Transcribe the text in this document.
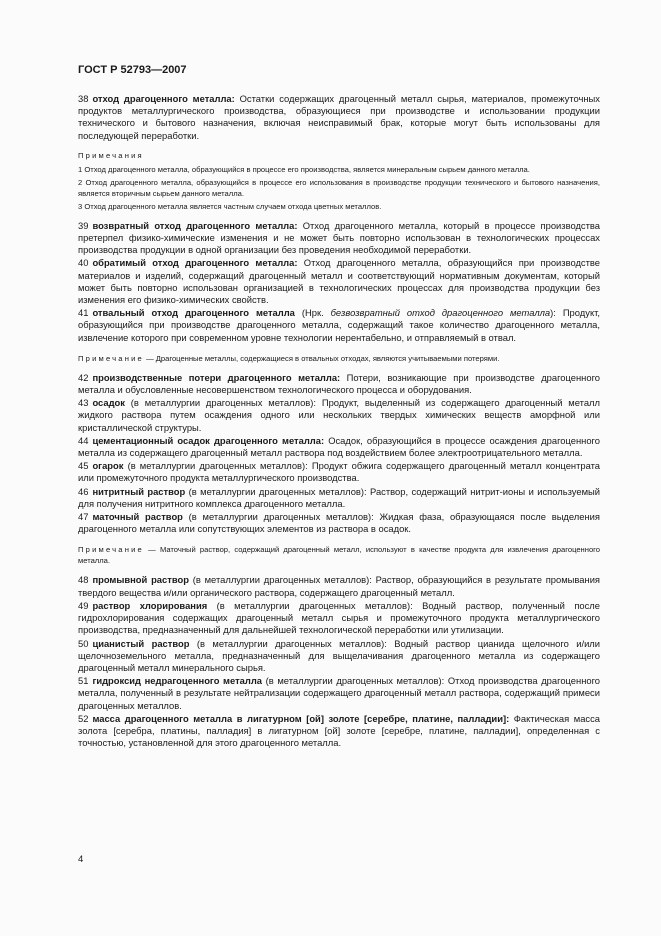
ГОСТ Р 52793—2007

38 отход драгоценного металла: Остатки содержащих драгоценный металл сырья, материалов, промежуточных продуктов металлургического производства, образующиеся при производстве и использовании продукции технического и бытового назначения, включая неисправимый брак, которые могут быть использованы для последующей переработки.

Примечания

1 Отход драгоценного металла, образующийся в процессе его производства, является минеральным сырьем данного металла.

2 Отход драгоценного металла, образующийся в процессе его использования в производстве продукции технического и бытового назначения, является вторичным сырьем данного металла.

3 Отход драгоценного металла является частным случаем отхода цветных металлов.

39 возвратный отход драгоценного металла: Отход драгоценного металла, который в процессе производства претерпел физико-химические изменения и не может быть повторно использован в технологических процессах производства продукции в одной организации без проведения необходимой переработки.

40 обратимый отход драгоценного металла: Отход драгоценного металла, образующийся при производстве материалов и изделий, содержащий драгоценный металл и соответствующий нормативным документам, который может быть повторно использован организацией в технологических процессах для производства продукции без изменения его физико-химических свойств.

41 отвальный отход драгоценного металла (Нрк. безвозвратный отход драгоценного металла): Продукт, образующийся при производстве драгоценного металла, содержащий такое количество драгоценного металла, извлечение которого при современном уровне технологии нерентабельно, и отправляемый в отвал.

Примечание — Драгоценные металлы, содержащиеся в отвальных отходах, являются учитываемыми потерями.

42 производственные потери драгоценного металла: Потери, возникающие при производстве драгоценного металла и обусловленные несовершенством технологического процесса и оборудования.

43 осадок (в металлургии драгоценных металлов): Продукт, выделенный из содержащего драгоценный металл жидкого раствора путем осаждения одного или нескольких твердых химических веществ аморфной или кристаллической структуры.

44 цементационный осадок драгоценного металла: Осадок, образующийся в процессе осаждения драгоценного металла из содержащего драгоценный металл раствора под воздействием более электроотрицательного металла.

45 огарок (в металлургии драгоценных металлов): Продукт обжига содержащего драгоценный металл концентрата или промежуточного продукта металлургического производства.

46 нитритный раствор (в металлургии драгоценных металлов): Раствор, содержащий нитрит-ионы и используемый для получения нитритного комплекса драгоценного металла.

47 маточный раствор (в металлургии драгоценных металлов): Жидкая фаза, образующаяся после выделения драгоценного металла или сопутствующих элементов из раствора в осадок.

Примечание — Маточный раствор, содержащий драгоценный металл, используют в качестве продукта для извлечения драгоценного металла.

48 промывной раствор (в металлургии драгоценных металлов): Раствор, образующийся в результате промывания твердого вещества и/или органического раствора, содержащего драгоценный металл.

49 раствор хлорирования (в металлургии драгоценных металлов): Водный раствор, полученный после гидрохлорирования содержащих драгоценный металл сырья и промежуточного продукта металлургического производства, предназначенный для дальнейшей технологической переработки или утилизации.

50 цианистый раствор (в металлургии драгоценных металлов): Водный раствор цианида щелочного и/или щелочноземельного металла, предназначенный для выщелачивания драгоценного металла из содержащего драгоценный металл минерального сырья.

51 гидроксид недрагоценного металла (в металлургии драгоценных металлов): Отход производства драгоценного металла, полученный в результате нейтрализации содержащего драгоценный металл раствора, содержащий примеси драгоценных металлов.

52 масса драгоценного металла в лигатурном [ой] золоте [серебре, платине, палладии]: Фактическая масса золота [серебра, платины, палладия] в лигатурном [ой] золоте [серебре, платине, палладии], определенная с точностью, установленной для этого драгоценного металла.

4
